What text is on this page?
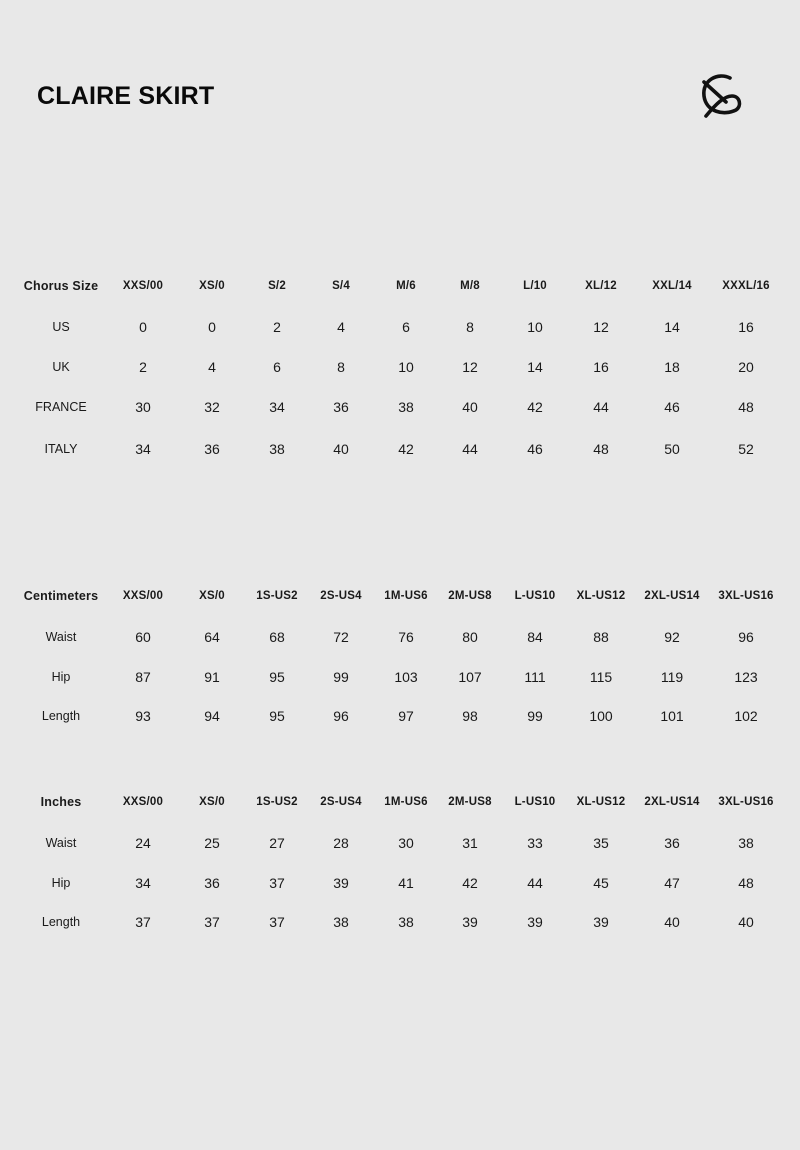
CLAIRE SKIRT
Chorus Size XXS/00	XS/0	S/2	S/4	M/6	M/8	L/10	XL/12	XXL/14	XXXL/16
US	0	0	2	4	6	8	10	12	14	16
UK	2	4	6	8	10	12	14	16	18	20
FRANCE	30	32	34	36	38	40	42	44	46	48
ITALY	34	36	38	40	42	44	46	48	50	52
Centimeters XXS/00	XS/0	1S-US2 2S-US4 1M-US6 2M-US8 L-US10 XL-US12 2XL-US14 3XL-US16
Waist	60	64	68	72	76	80	84	88	92	96
Hip	87	91	95	99	103	107	111	115	119	123
Length	93	94	95	96	97	98	99	100	101	102
Inches	XXS/00	XS/0	1S-US2 2S-US4 1M-US6 2M-US8 L-US10 XL-US12 2XL-US14 3XL-US16
Waist	24	25	27	28	30	31	33	35	36	38
Hip	34	36	37	39	41	42	44	45	47	48
Length	37	37	37	38	38	39	39	39	40	40
